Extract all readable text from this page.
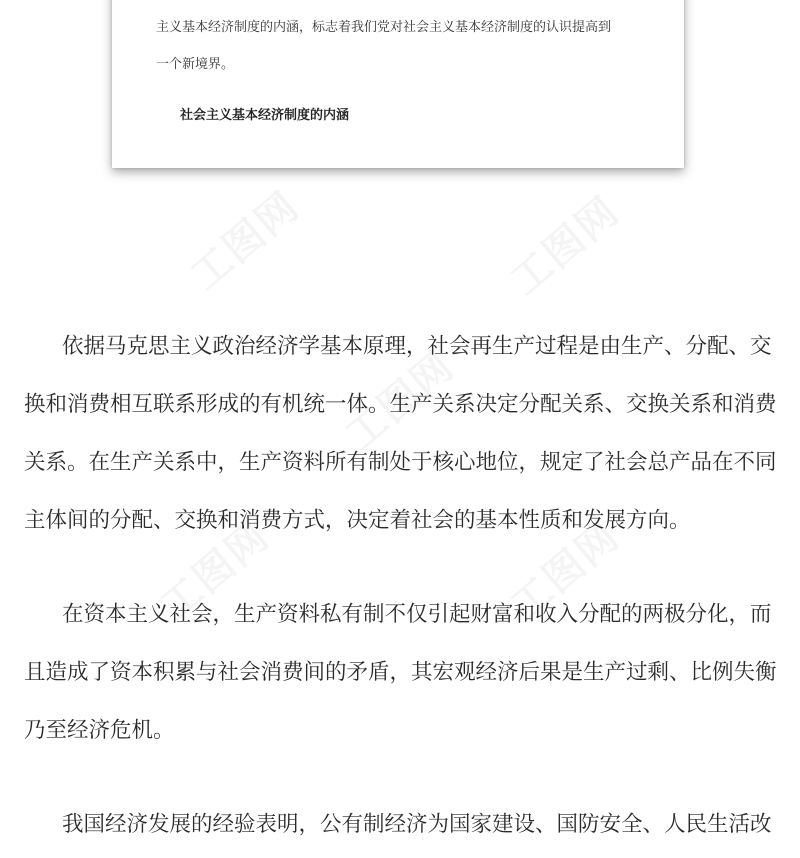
主义基本经济制度的内涵，标志着我们党对社会主义基本经济制度的认识提高到
一个新境界。
社会主义基本经济制度的内涵
依据马克思主义政治经济学基本原理，社会再生产过程是由生产、分配、交
换和消费相互联系形成的有机统一体。生产关系决定分配关系、交换关系和消费
关系。在生产关系中，生产资料所有制处于核心地位，规定了社会总产品在不同
主体间的分配、交换和消费方式，决定着社会的基本性质和发展方向。
在资本主义社会，生产资料私有制不仅引起财富和收入分配的两极分化，而
且造成了资本积累与社会消费间的矛盾，其宏观经济后果是生产过剩、比例失衡
乃至经济危机。
我国经济发展的经验表明，公有制经济为国家建设、国防安全、人民生活改
